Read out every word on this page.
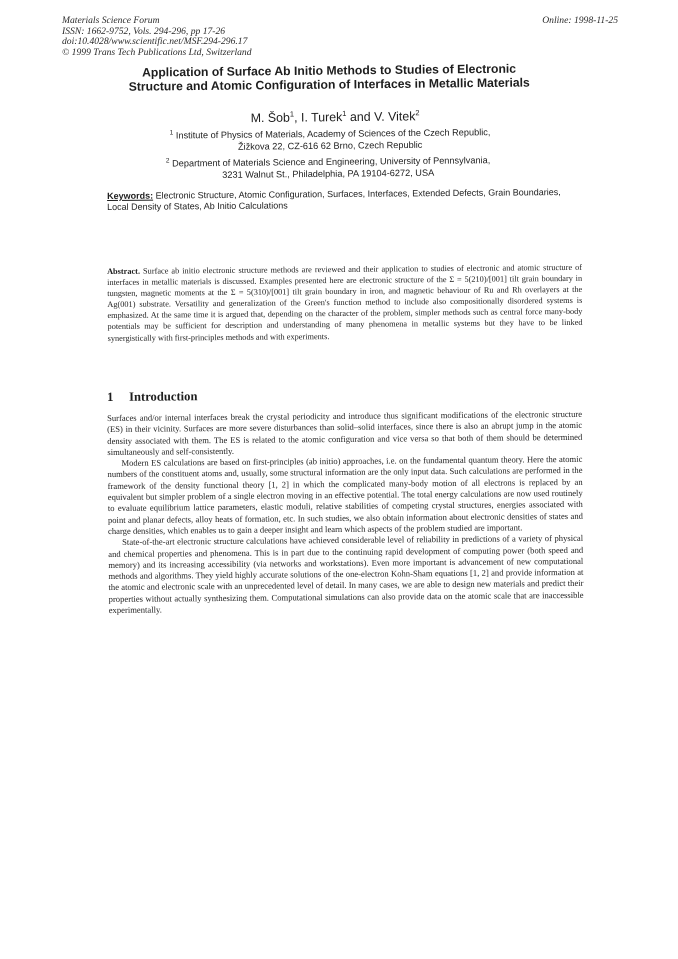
Materials Science Forum
ISSN: 1662-9752, Vols. 294-296, pp 17-26
doi:10.4028/www.scientific.net/MSF.294-296.17
© 1999 Trans Tech Publications Ltd, Switzerland
Online: 1998-11-25
Application of Surface Ab Initio Methods to Studies of Electronic
Structure and Atomic Configuration of Interfaces in Metallic Materials
M. Šob$^1$, I. Turek$^1$ and V. Vitek$^2$
$^1$ Institute of Physics of Materials, Academy of Sciences of the Czech Republic,
Žižkova 22, CZ-616 62 Brno, Czech Republic
$^2$ Department of Materials Science and Engineering, University of Pennsylvania,
3231 Walnut St., Philadelphia, PA 19104-6272, USA
Keywords: Electronic Structure, Atomic Configuration, Surfaces, Interfaces, Extended Defects, Grain Boundaries, Local Density of States, Ab Initio Calculations
Abstract. Surface ab initio electronic structure methods are reviewed and their application to studies of electronic and atomic structure of interfaces in metallic materials is discussed. Examples presented here are electronic structure of the Σ = 5(210)/[001] tilt grain boundary in tungsten, magnetic moments at the Σ = 5(310)/[001] tilt grain boundary in iron, and magnetic behaviour of Ru and Rh overlayers at the Ag(001) substrate. Versatility and generalization of the Green's function method to include also compositionally disordered systems is emphasized. At the same time it is argued that, depending on the character of the problem, simpler methods such as central force many-body potentials may be sufficient for description and understanding of many phenomena in metallic systems but they have to be linked synergistically with first-principles methods and with experiments.
1 Introduction

Surfaces and/or internal interfaces break the crystal periodicity and introduce thus significant modifications of the electronic structure (ES) in their vicinity. Surfaces are more severe disturbances than solid–solid interfaces, since there is also an abrupt jump in the atomic density associated with them. The ES is related to the atomic configuration and vice versa so that both of them should be determined simultaneously and self-consistently.

Modern ES calculations are based on first-principles (ab initio) approaches, i.e. on the fundamental quantum theory. Here the atomic numbers of the constituent atoms and, usually, some structural information are the only input data. Such calculations are performed in the framework of the density functional theory [1, 2] in which the complicated many-body motion of all electrons is replaced by an equivalent but simpler problem of a single electron moving in an effective potential. The total energy calculations are now used routinely to evaluate equilibrium lattice parameters, elastic moduli, relative stabilities of competing crystal structures, energies associated with point and planar defects, alloy heats of formation, etc. In such studies, we also obtain information about electronic densities of states and charge densities, which enables us to gain a deeper insight and learn which aspects of the problem studied are important.

State-of-the-art electronic structure calculations have achieved considerable level of reliability in predictions of a variety of physical and chemical properties and phenomena. This is in part due to the continuing rapid development of computing power (both speed and memory) and its increasing accessibility (via networks and workstations). Even more important is advancement of new computational methods and algorithms. They yield highly accurate solutions of the one-electron Kohn-Sham equations [1, 2] and provide information at the atomic and electronic scale with an unprecedented level of detail. In many cases, we are able to design new materials and predict their properties without actually synthesizing them. Computational simulations can also provide data on the atomic scale that are inaccessible experimentally.
